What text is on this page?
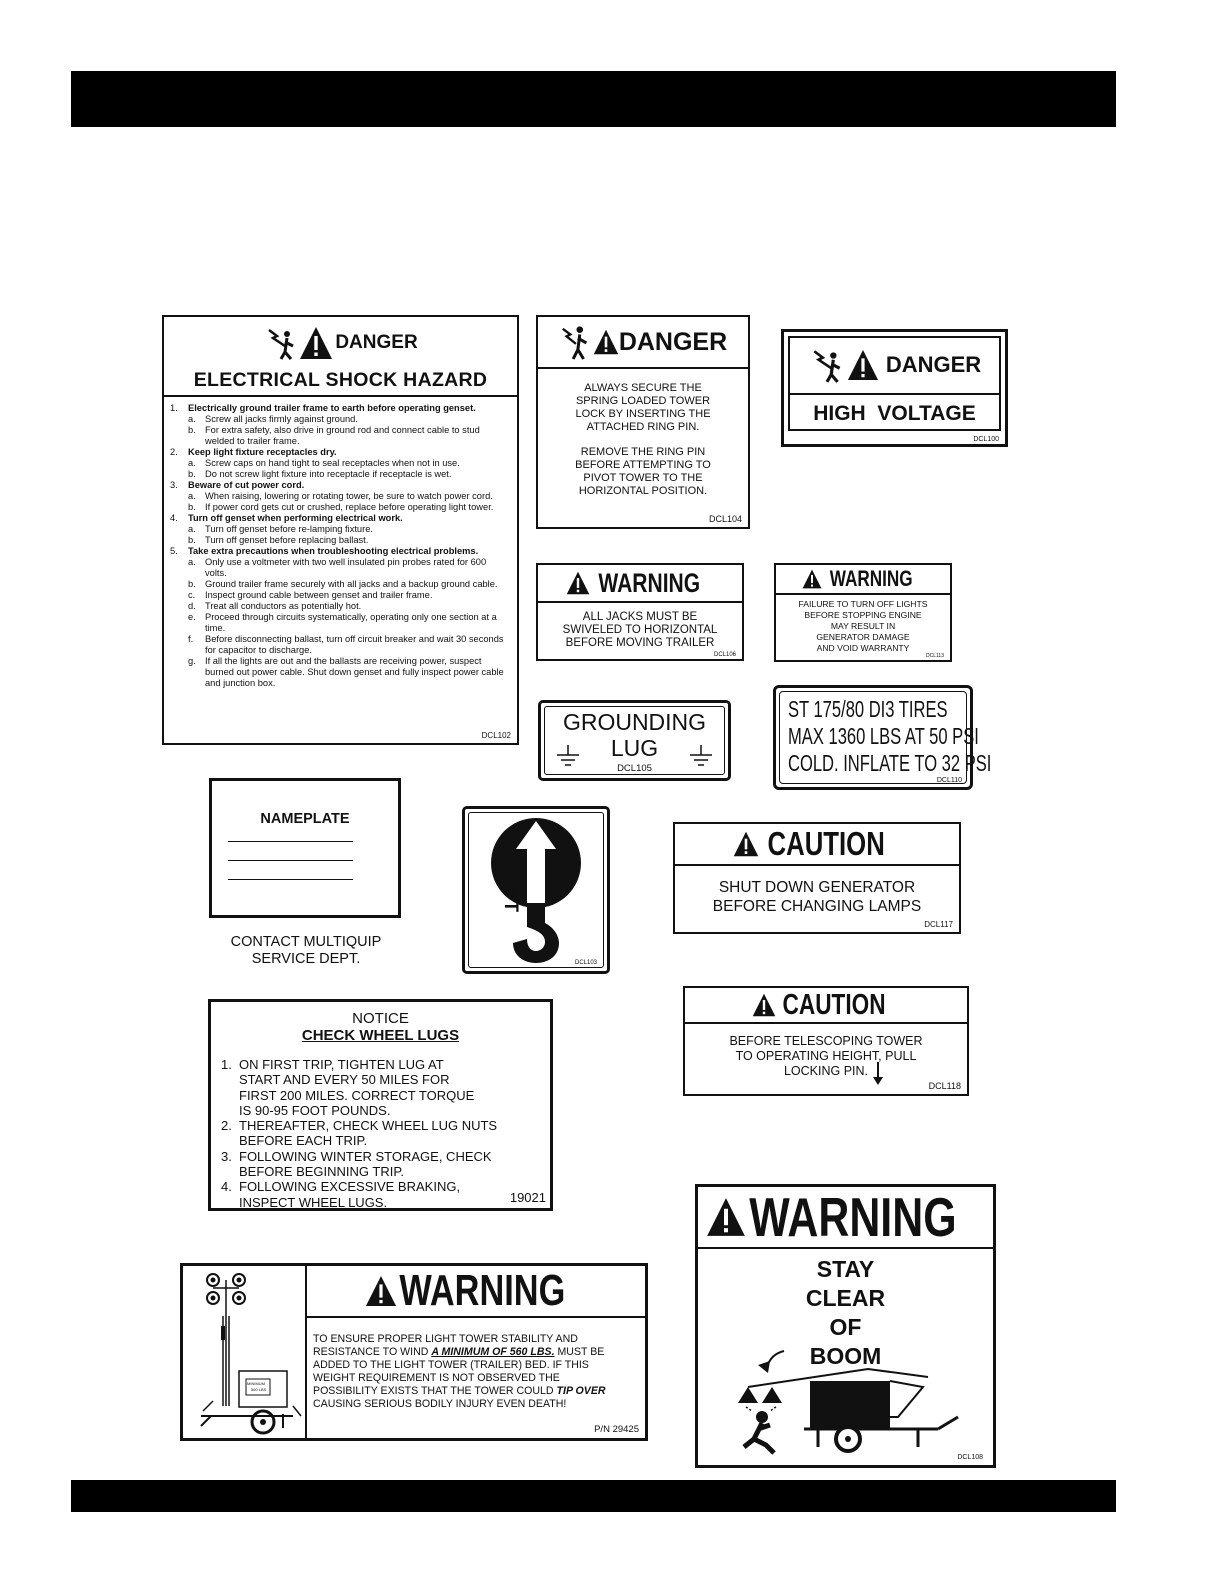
DANGER
ELECTRICAL SHOCK HAZARD
1.	Electrically ground trailer frame to earth before operating genset.
a. Screw all jacks firmly against ground.
b. For extra safety, also drive in ground rod and connect cable to stud welded to trailer frame.
2.	Keep light fixture receptacles dry.
a. Screw caps on hand tight to seal receptacles when not in use.
b. Do not screw light fixture into receptacle if receptacle is wet.
3.	Beware of cut power cord.
a. When raising, lowering or rotating tower, be sure to watch power cord.
b. If power cord gets cut or crushed, replace before operating light tower.
4.	Turn off genset when performing electrical work.
a. Turn off genset before re-lamping fixture.
b. Turn off genset before replacing ballast.
5.	Take extra precautions when troubleshooting electrical problems.
a. Only use a voltmeter with two well insulated pin probes rated for 600 volts.
b. Ground trailer frame securely with all jacks and a backup ground cable.
c.	Inspect ground cable between genset and trailer frame.
d. Treat all conductors as potentially hot.
e. Proceed through circuits systematically, operating only one section at a time.
f.	Before disconnecting ballast, turn off circuit breaker and wait 30 seconds for capacitor to discharge.
g. If all the lights are out and the ballasts are receiving power, suspect burned out power cable. Shut down genset and fully inspect power cable and junction box.
DCL102
DANGER
ALWAYS SECURE THE
SPRING LOADED TOWER
LOCK BY INSERTING THE
ATTACHED RING PIN.
REMOVE THE RING PIN
BEFORE ATTEMPTING TO
PIVOT TOWER TO THE
HORIZONTAL POSITION.
DCL104
DANGER
HIGH  VOLTAGE
DCL100
WARNING
ALL JACKS MUST BE
SWIVELED TO HORIZONTAL
BEFORE MOVING TRAILER
DCL106
WARNING
FAILURE TO TURN OFF LIGHTS
BEFORE STOPPING ENGINE
MAY RESULT IN
GENERATOR DAMAGE
AND VOID WARRANTY
DCL113
GROUNDING
LUG
DCL105
ST 175/80 DI3 TIRES
MAX 1360 LBS AT 50 PSI
COLD. INFLATE TO 32 PSI
DCL110
NAMEPLATE
CONTACT MULTIQUIP
SERVICE DEPT.
LIFT
DCL103
CAUTION
SHUT DOWN GENERATOR
BEFORE CHANGING LAMPS
DCL117
CAUTION
BEFORE TELESCOPING TOWER
TO OPERATING HEIGHT, PULL
LOCKING PIN.
DCL118
NOTICE
CHECK WHEEL LUGS
1. ON FIRST TRIP, TIGHTEN LUG AT
START AND EVERY 50 MILES FOR
FIRST 200 MILES. CORRECT TORQUE
IS 90-95 FOOT POUNDS.
2. THEREAFTER, CHECK WHEEL LUG NUTS
BEFORE EACH TRIP.
3. FOLLOWING WINTER STORAGE, CHECK
BEFORE BEGINNING TRIP.
4. FOLLOWING EXCESSIVE BRAKING,
INSPECT WHEEL LUGS.	19021
MINIMUM
560 LBS
WARNING
TO ENSURE PROPER LIGHT TOWER STABILITY AND
RESISTANCE TO WIND A MINIMUM OF 560 LBS. MUST BE
ADDED TO THE LIGHT TOWER (TRAILER) BED. IF THIS
WEIGHT REQUIREMENT IS NOT OBSERVED THE
POSSIBILITY EXISTS THAT THE TOWER COULD TIP OVER
CAUSING SERIOUS BODILY INJURY EVEN DEATH!
P/N 29425
WARNING
STAY
CLEAR
OF
BOOM
DCL108
